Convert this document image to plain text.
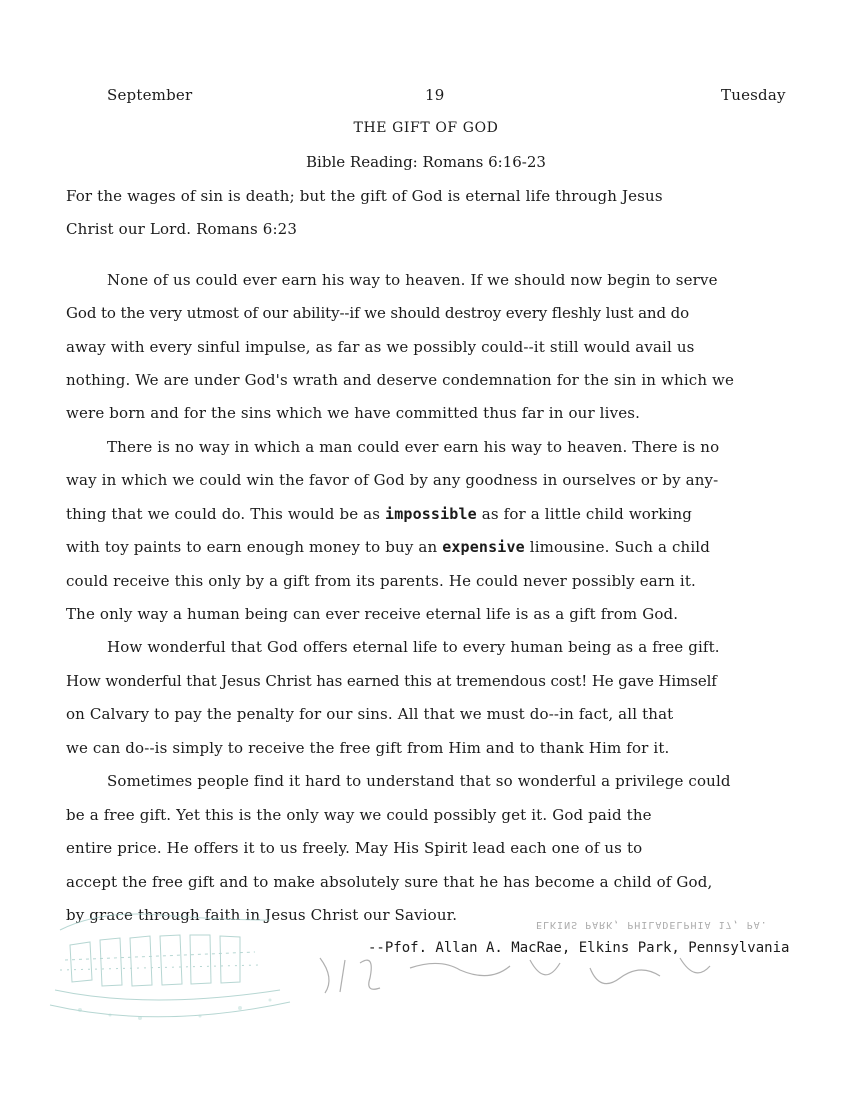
September	19	Tuesday
THE GIFT OF GOD
Bible Reading: Romans 6:16-23
For the wages of sin is death; but the gift of God is eternal life through Jesus
Christ our Lord. Romans 6:23
None of us could ever earn his way to heaven. If we should now begin to serve
God to the very utmost of our ability--if we should destroy every fleshly lust and do
away with every sinful impulse, as far as we possibly could--it still would avail us
nothing. We are under God's wrath and deserve condemnation for the sin in which we
were born and for the sins which we have committed thus far in our lives.
There is no way in which a man could ever earn his way to heaven. There is no
way in which we could win the favor of God by any goodness in ourselves or by any-
thing that we could do. This would be as impossible as for a little child working
with toy paints to earn enough money to buy an expensive limousine. Such a child
could receive this only by a gift from its parents. He could never possibly earn it.
The only way a human being can ever receive eternal life is as a gift from God.
How wonderful that God offers eternal life to every human being as a free gift.
How wonderful that Jesus Christ has earned this at tremendous cost! He gave Himself
on Calvary to pay the penalty for our sins. All that we must do--in fact, all that
we can do--is simply to receive the free gift from Him and to thank Him for it.
Sometimes people find it hard to understand that so wonderful a privilege could
be a free gift. Yet this is the only way we could possibly get it. God paid the
entire price. He offers it to us freely. May His Spirit lead each one of us to
accept the free gift and to make absolutely sure that he has become a child of God,
by grace through faith in Jesus Christ our Saviour.
ELKINS PARK, PHILADELPHIA 17, PA.
--Pfof. Allan A. MacRae, Elkins Park, Pennsylvania
